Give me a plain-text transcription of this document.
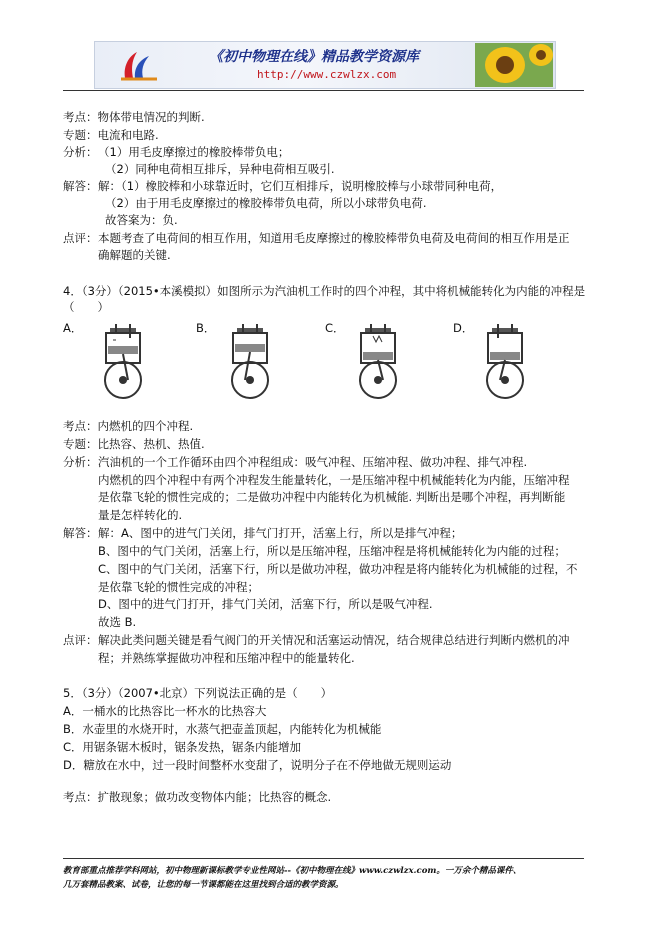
《初中物理在线》精品教学资源库
http://www.czwlzx.com
考点：物体带电情况的判断.
专题：电流和电路.
分析： （1）用毛皮摩擦过的橡胶棒带负电；
（2）同种电荷相互排斥，异种电荷相互吸引.
解答： 解：（1）橡胶棒和小球靠近时，它们互相排斥，说明橡胶棒与小球带同种电荷，
（2）由于用毛皮摩擦过的橡胶棒带负电荷，所以小球带负电荷.
故答案为：负.
点评： 本题考查了电荷间的相互作用，知道用毛皮摩擦过的橡胶棒带负电荷及电荷间的相互作用是正
确解题的关键.
4．（3分）（2015•本溪模拟）如图所示为汽油机工作时的四个冲程，其中将机械能转化为内能的冲程是
（　　）
A．	B．	C．	D．
考点：内燃机的四个冲程.
专题：比热容、热机、热值.
分析： 汽油机的一个工作循环由四个冲程组成：吸气冲程、压缩冲程、做功冲程、排气冲程.
内燃机的四个冲程中有两个冲程发生能量转化，一是压缩冲程中机械能转化为内能，压缩冲程
是依靠飞轮的惯性完成的；二是做功冲程中内能转化为机械能. 判断出是哪个冲程，再判断能
量是怎样转化的.
解答： 解：A、图中的进气门关闭，排气门打开，活塞上行，所以是排气冲程；
B、图中的气门关闭，活塞上行，所以是压缩冲程，压缩冲程是将机械能转化为内能的过程；
C、图中的气门关闭，活塞下行，所以是做功冲程，做功冲程是将内能转化为机械能的过程，不
是依靠飞轮的惯性完成的冲程；
D、图中的进气门打开，排气门关闭，活塞下行，所以是吸气冲程.
故选 B.
点评： 解决此类问题关键是看气阀门的开关情况和活塞运动情况，结合规律总结进行判断内燃机的冲
程；并熟练掌握做功冲程和压缩冲程中的能量转化.
5．（3分）（2007•北京）下列说法正确的是（　　）
A．一桶水的比热容比一杯水的比热容大
B．水壶里的水烧开时，水蒸气把壶盖顶起，内能转化为机械能
C．用锯条锯木板时，锯条发热，锯条内能增加
D．糖放在水中，过一段时间整杯水变甜了，说明分子在不停地做无规则运动
考点：扩散现象；做功改变物体内能；比热容的概念.
教育部重点推荐学科网站，初中物理新课标教学专业性网站--《初中物理在线》www.czwlzx.com。一万余个精品课件、
几万套精品教案、试卷，让您的每一节课都能在这里找到合适的教学资源。
